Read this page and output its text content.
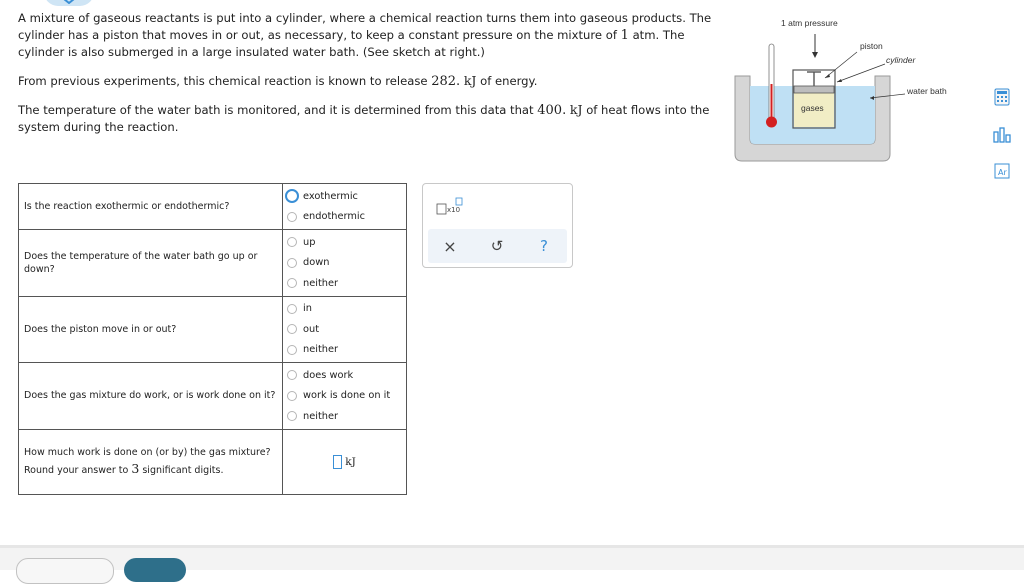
A mixture of gaseous reactants is put into a cylinder, where a chemical reaction turns them into gaseous products. The cylinder has a piston that moves in or out, as necessary, to keep a constant pressure on the mixture of 1 atm. The cylinder is also submerged in a large insulated water bath. (See sketch at right.)

From previous experiments, this chemical reaction is known to release 282. kJ of energy.

The temperature of the water bath is monitored, and it is determined from this data that 400. kJ of heat flows into the system during the reaction.

1 atm pressure
piston
cylinder
water bath
gases
Ar
Is the reaction exothermic or endothermic?	exothermic
endothermic

Does the temperature of the water bath go up or down?	up
down
neither

Does the piston move in or out?	in
out
neither

Does the gas mixture do work, or is work done on it?	does work
work is done on it
neither

How much work is done on (or by) the gas mixture? Round your answer to 3 significant digits.	kJ
x10
×	↺	?
